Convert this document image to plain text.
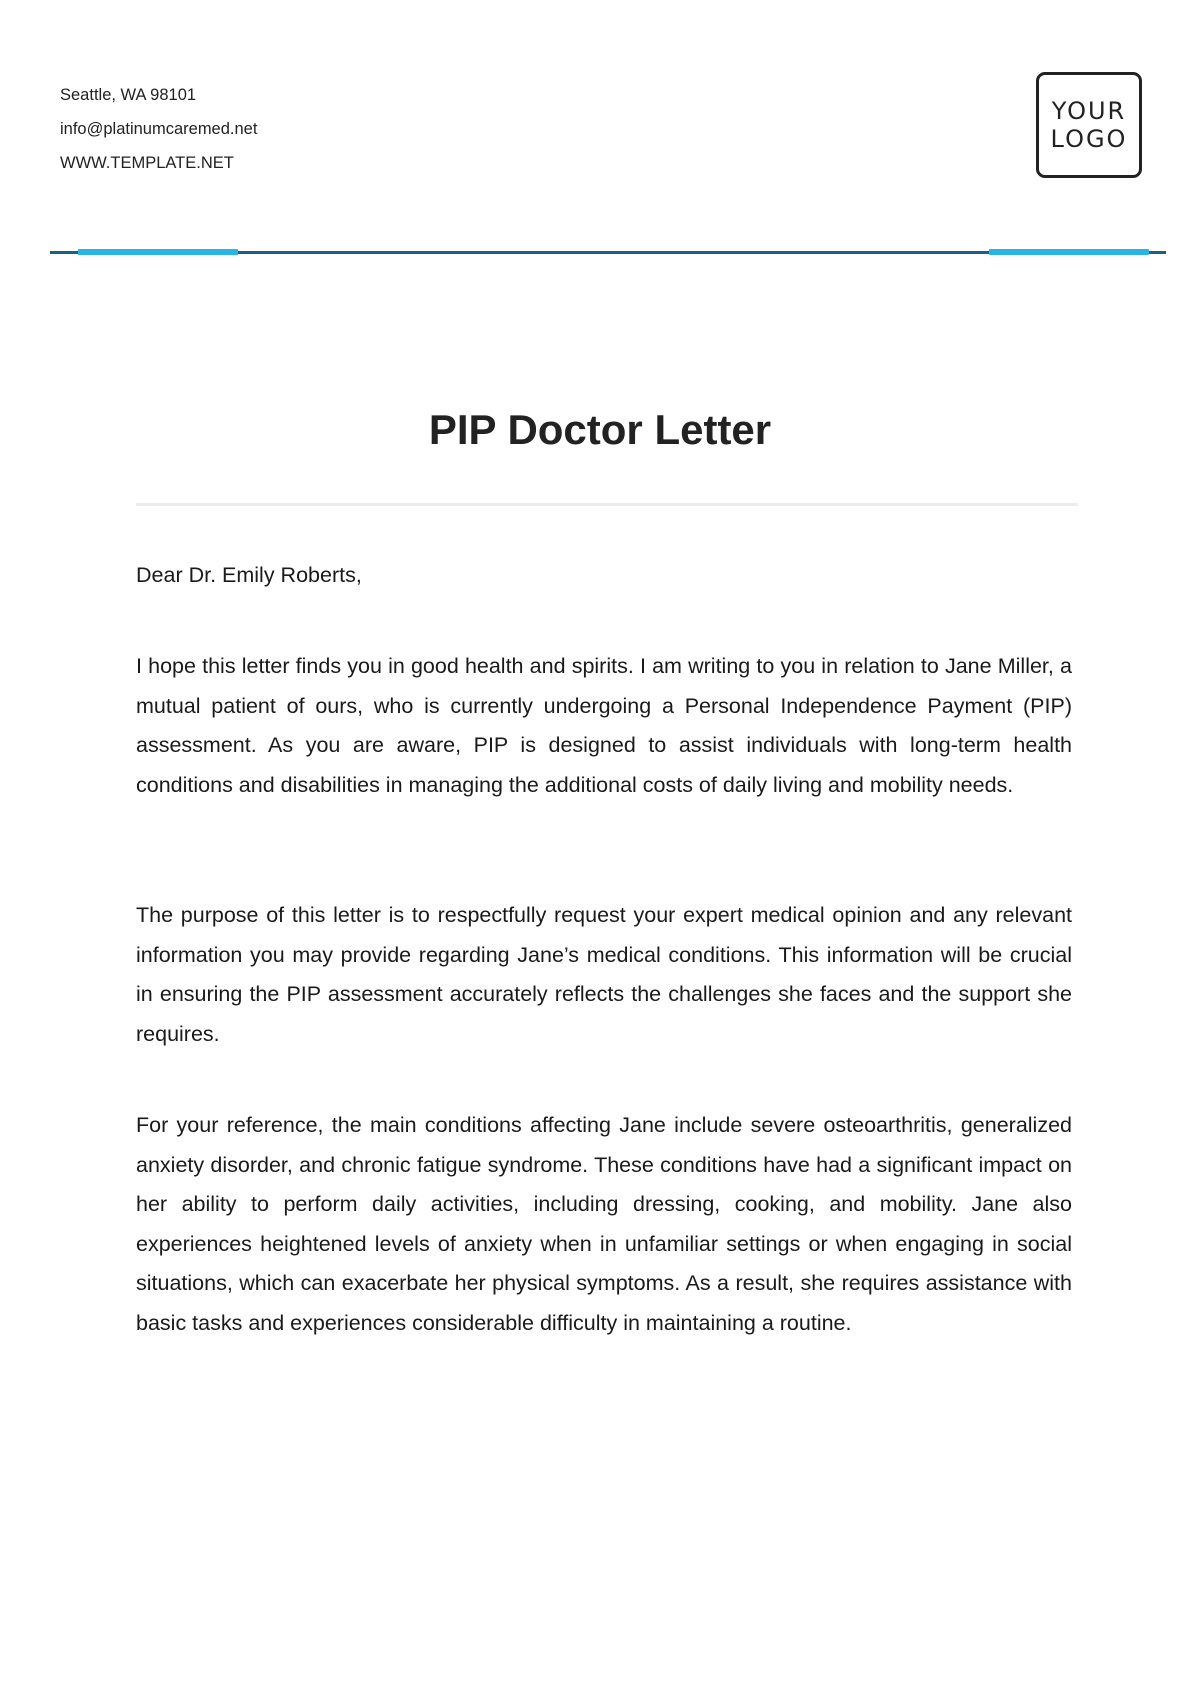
Seattle, WA 98101
info@platinumcaremed.net
WWW.TEMPLATE.NET
YOUR
LOGO
PIP Doctor Letter

Dear Dr. Emily Roberts,

I hope this letter finds you in good health and spirits. I am writing to you in relation to Jane Miller, a mutual patient of ours, who is currently undergoing a Personal Independence Payment (PIP) assessment. As you are aware, PIP is designed to assist individuals with long-term health conditions and disabilities in managing the additional costs of daily living and mobility needs.

The purpose of this letter is to respectfully request your expert medical opinion and any relevant information you may provide regarding Jane’s medical conditions. This information will be crucial in ensuring the PIP assessment accurately reflects the challenges she faces and the support she requires.

For your reference, the main conditions affecting Jane include severe osteoarthritis, generalized anxiety disorder, and chronic fatigue syndrome. These conditions have had a significant impact on her ability to perform daily activities, including dressing, cooking, and mobility. Jane also experiences heightened levels of anxiety when in unfamiliar settings or when engaging in social situations, which can exacerbate her physical symptoms. As a result, she requires assistance with basic tasks and experiences considerable difficulty in maintaining a routine.
